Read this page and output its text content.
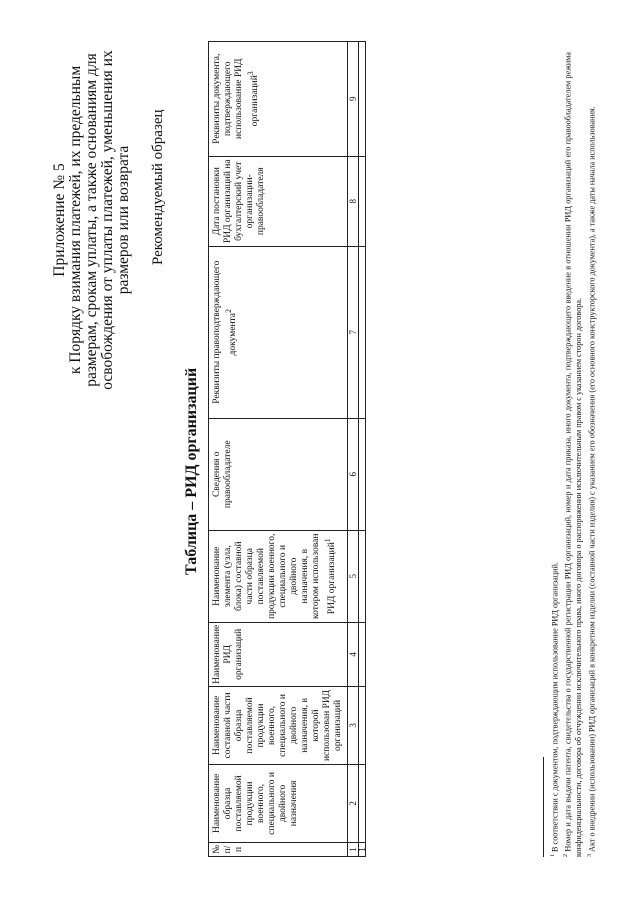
Приложение № 5 к Порядку взимания платежей, их предельным размерам, срокам уплаты, а также основаниям для освобождения от уплаты платежей, уменьшения их размеров или возврата Рекомендуемый образец
Таблица – РИД организаций
№ п/п	Наименование образца поставляемой продукции военного, специального и двойного назначения	Наименование составной части образца поставляемой продукции военного, специального и двойного назначения, в которой использован РИД организаций	Наименование РИД организаций	Наименование элемента (узла, блока) составной части образца поставляемой продукции военного, специального и двойного назначения, в котором использован РИД организаций$^1$	Сведения о правообладателе	Реквизиты правоподтверждающего документа$^2$	Дата постановки РИД организаций на бухгалтерский учет организации-правообладателя	Реквизиты документа, подтверждающего использование РИД организаций$^3$
1	2	3	4	5	6	7	8	9
1								

$^1$ В соответствии с документом, подтверждающим использование РИД организаций.

$^2$ Номер и дата выдачи патента, свидетельства о государственной регистрации РИД организаций, номер и дата приказа, иного документа, подтверждающего введение в отношении РИД организаций его правообладателем режима конфиденциальности, договора об отчуждении исключительного права, иного договора о распоряжении исключительным правом с указанием сторон договора. $^3$ Акт о внедрении (использовании) РИД организаций в конкретном изделии (составной части изделия) с указанием его обозначения (его основного конструкторского документа), а также даты начала использования.
